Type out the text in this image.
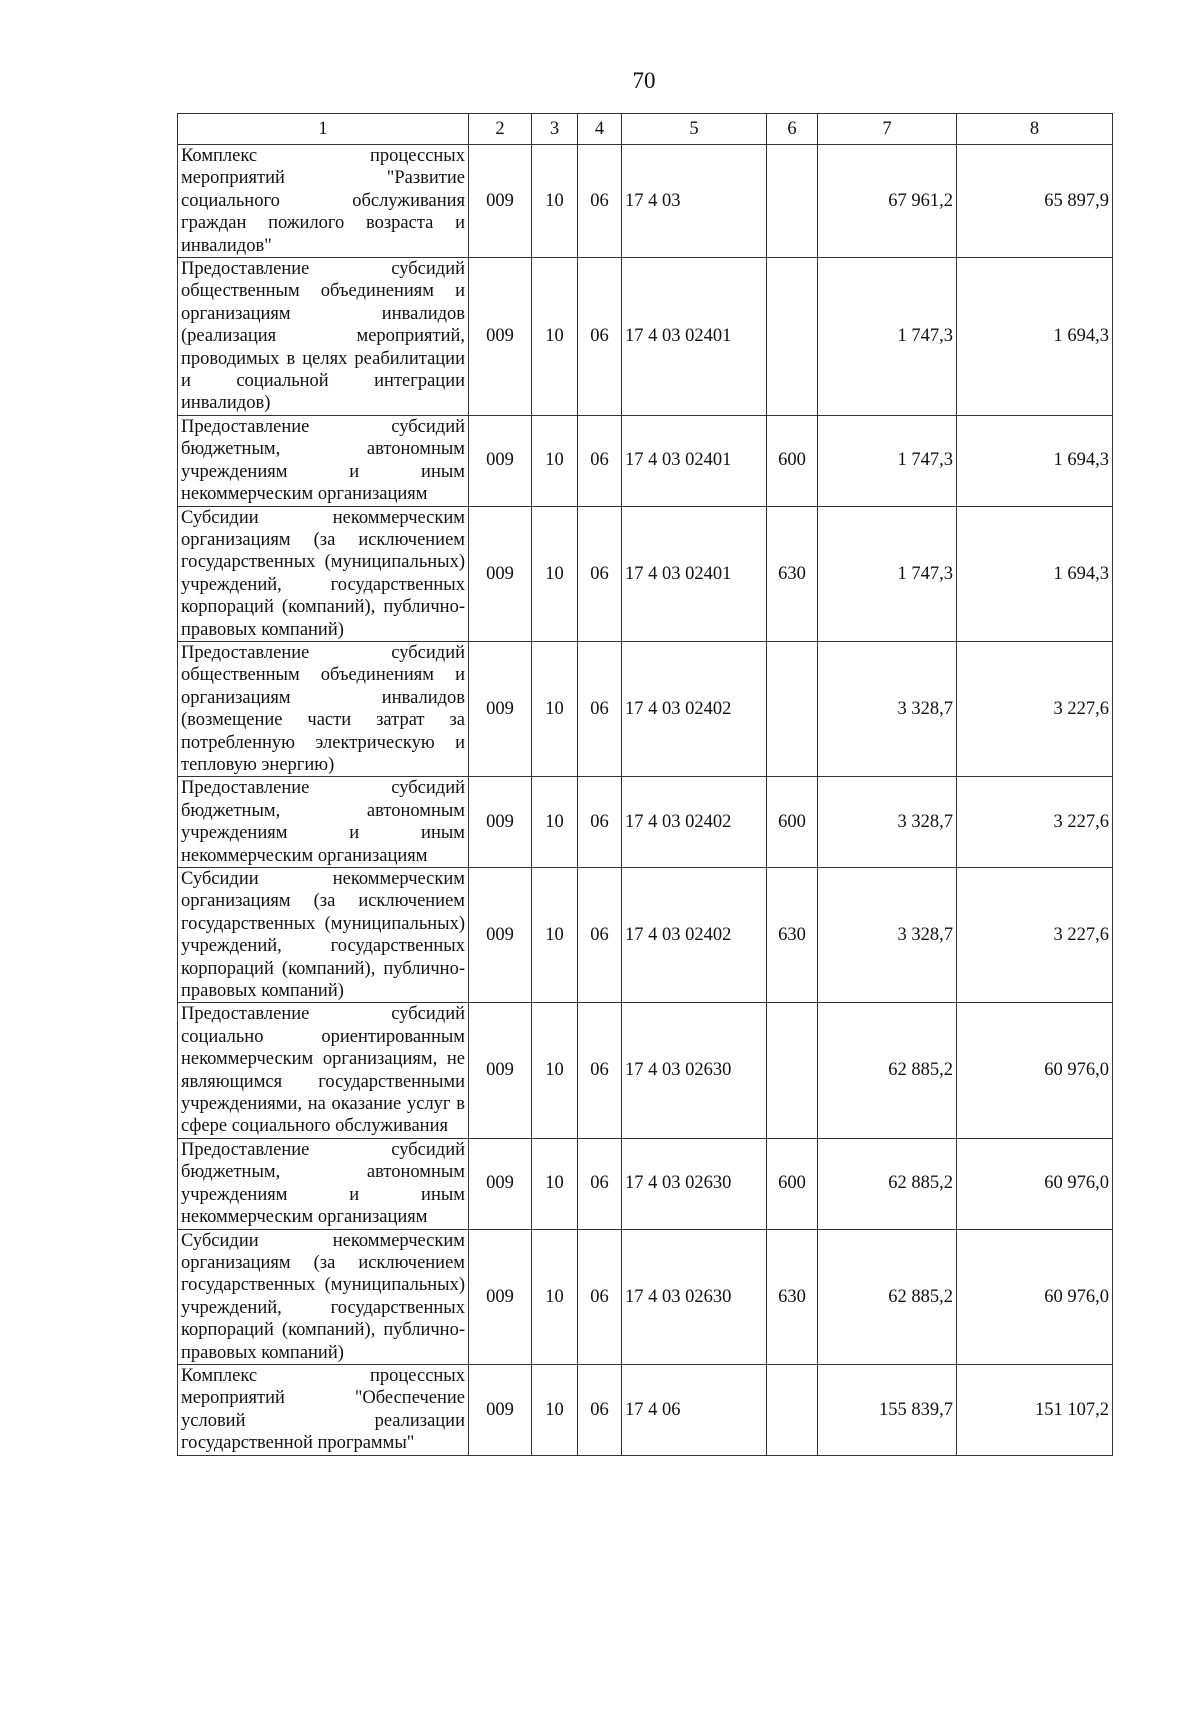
70
1	2	3	4	5	6	7	8
Комплекс процессных мероприятий "Развитие социального обслуживания граждан пожилого возраста и инвалидов"	009	10	06	17 4 03		67 961,2	65 897,9
Предоставление субсидий общественным объединениям и организациям инвалидов (реализация мероприятий, проводимых в целях реабилитации и социальной интеграции инвалидов)	009	10	06	17 4 03 02401		1 747,3	1 694,3
Предоставление субсидий бюджетным, автономным учреждениям и иным некоммерческим организациям	009	10	06	17 4 03 02401	600	1 747,3	1 694,3
Субсидии некоммерческим организациям (за исключением государственных (муниципальных) учреждений, государственных корпораций (компаний), публично-правовых компаний)	009	10	06	17 4 03 02401	630	1 747,3	1 694,3
Предоставление субсидий общественным объединениям и организациям инвалидов (возмещение части затрат за потребленную электрическую и тепловую энергию)	009	10	06	17 4 03 02402		3 328,7	3 227,6
Предоставление субсидий бюджетным, автономным учреждениям и иным некоммерческим организациям	009	10	06	17 4 03 02402	600	3 328,7	3 227,6
Субсидии некоммерческим организациям (за исключением государственных (муниципальных) учреждений, государственных корпораций (компаний), публично-правовых компаний)	009	10	06	17 4 03 02402	630	3 328,7	3 227,6
Предоставление субсидий социально ориентированным некоммерческим организациям, не являющимся государственными учреждениями, на оказание услуг в сфере социального обслуживания	009	10	06	17 4 03 02630		62 885,2	60 976,0
Предоставление субсидий бюджетным, автономным учреждениям и иным некоммерческим организациям	009	10	06	17 4 03 02630	600	62 885,2	60 976,0
Субсидии некоммерческим организациям (за исключением государственных (муниципальных) учреждений, государственных корпораций (компаний), публично-правовых компаний)	009	10	06	17 4 03 02630	630	62 885,2	60 976,0
Комплекс процессных мероприятий "Обеспечение условий реализации государственной программы"	009	10	06	17 4 06		155 839,7	151 107,2
